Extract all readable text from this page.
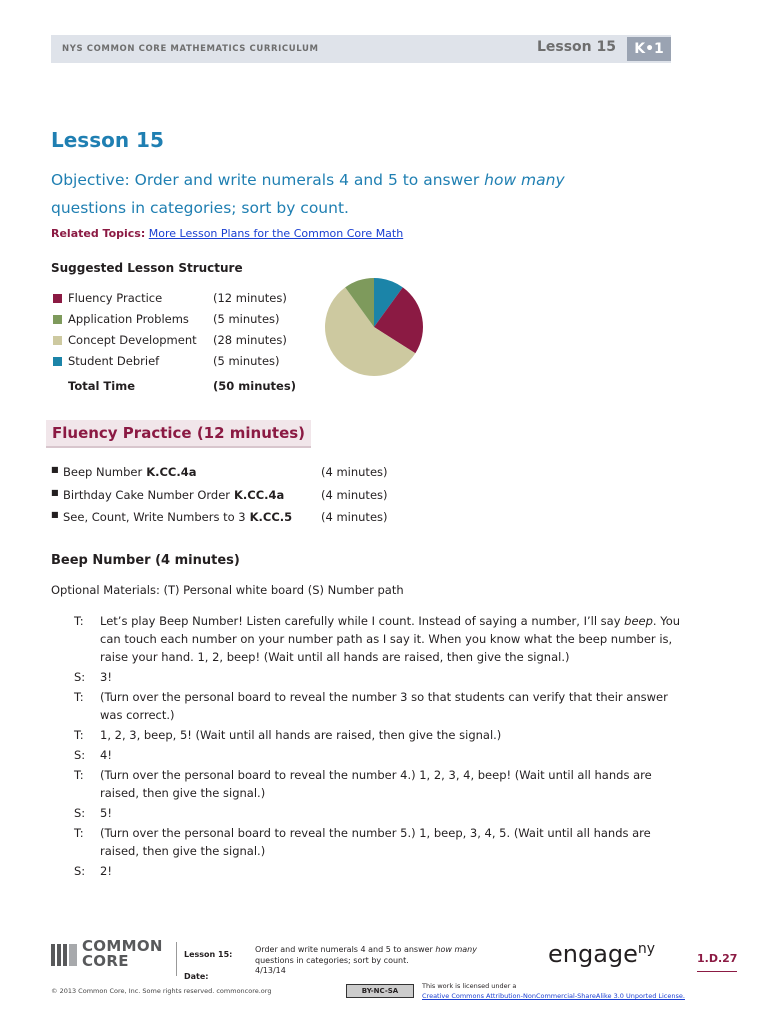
NYS COMMON CORE MATHEMATICS CURRICULUM	Lesson 15	K•1
Lesson 15
Objective: Order and write numerals 4 and 5 to answer how many questions in categories; sort by count.
Related Topics: More Lesson Plans for the Common Core Math
Suggested Lesson Structure
Fluency Practice	(12 minutes)
Application Problems (5 minutes)
Concept Development (28 minutes)
Student Debrief	(5 minutes)
Total Time	(50 minutes)
Fluency Practice (12 minutes)
■ Beep Number K.CC.4a	(4 minutes)
■ Birthday Cake Number Order K.CC.4a	(4 minutes)
■ See, Count, Write Numbers to 3 K.CC.5	(4 minutes)
Beep Number (4 minutes)
Optional Materials: (T) Personal white board (S) Number path
T:	Let’s play Beep Number! Listen carefully while I count. Instead of saying a number, I’ll say beep. You can touch each number on your number path as I say it. When you know what the beep number is, raise your hand. 1, 2, beep! (Wait until all hands are raised, then give the signal.)
S:	3!
T:	(Turn over the personal board to reveal the number 3 so that students can verify that their answer was correct.)
T:	1, 2, 3, beep, 5! (Wait until all hands are raised, then give the signal.)
S:	4!
T:	(Turn over the personal board to reveal the number 4.) 1, 2, 3, 4, beep! (Wait until all hands are raised, then give the signal.)
S:	5!
T:	(Turn over the personal board to reveal the number 5.) 1, beep, 3, 4, 5. (Wait until all hands are raised, then give the signal.)
S:	2!
COMMON
CORE	Lesson 15:
Date:
Order and write numerals 4 and 5 to answer how many questions in categories; sort by count.
4/13/14
engage$^{ny}$
1.D.27
© 2013 Common Core, Inc. Some rights reserved. commoncore.org	BY-NC-SA
This work is licensed under a
Creative Commons Attribution-NonCommercial-ShareAlike 3.0 Unported License.
